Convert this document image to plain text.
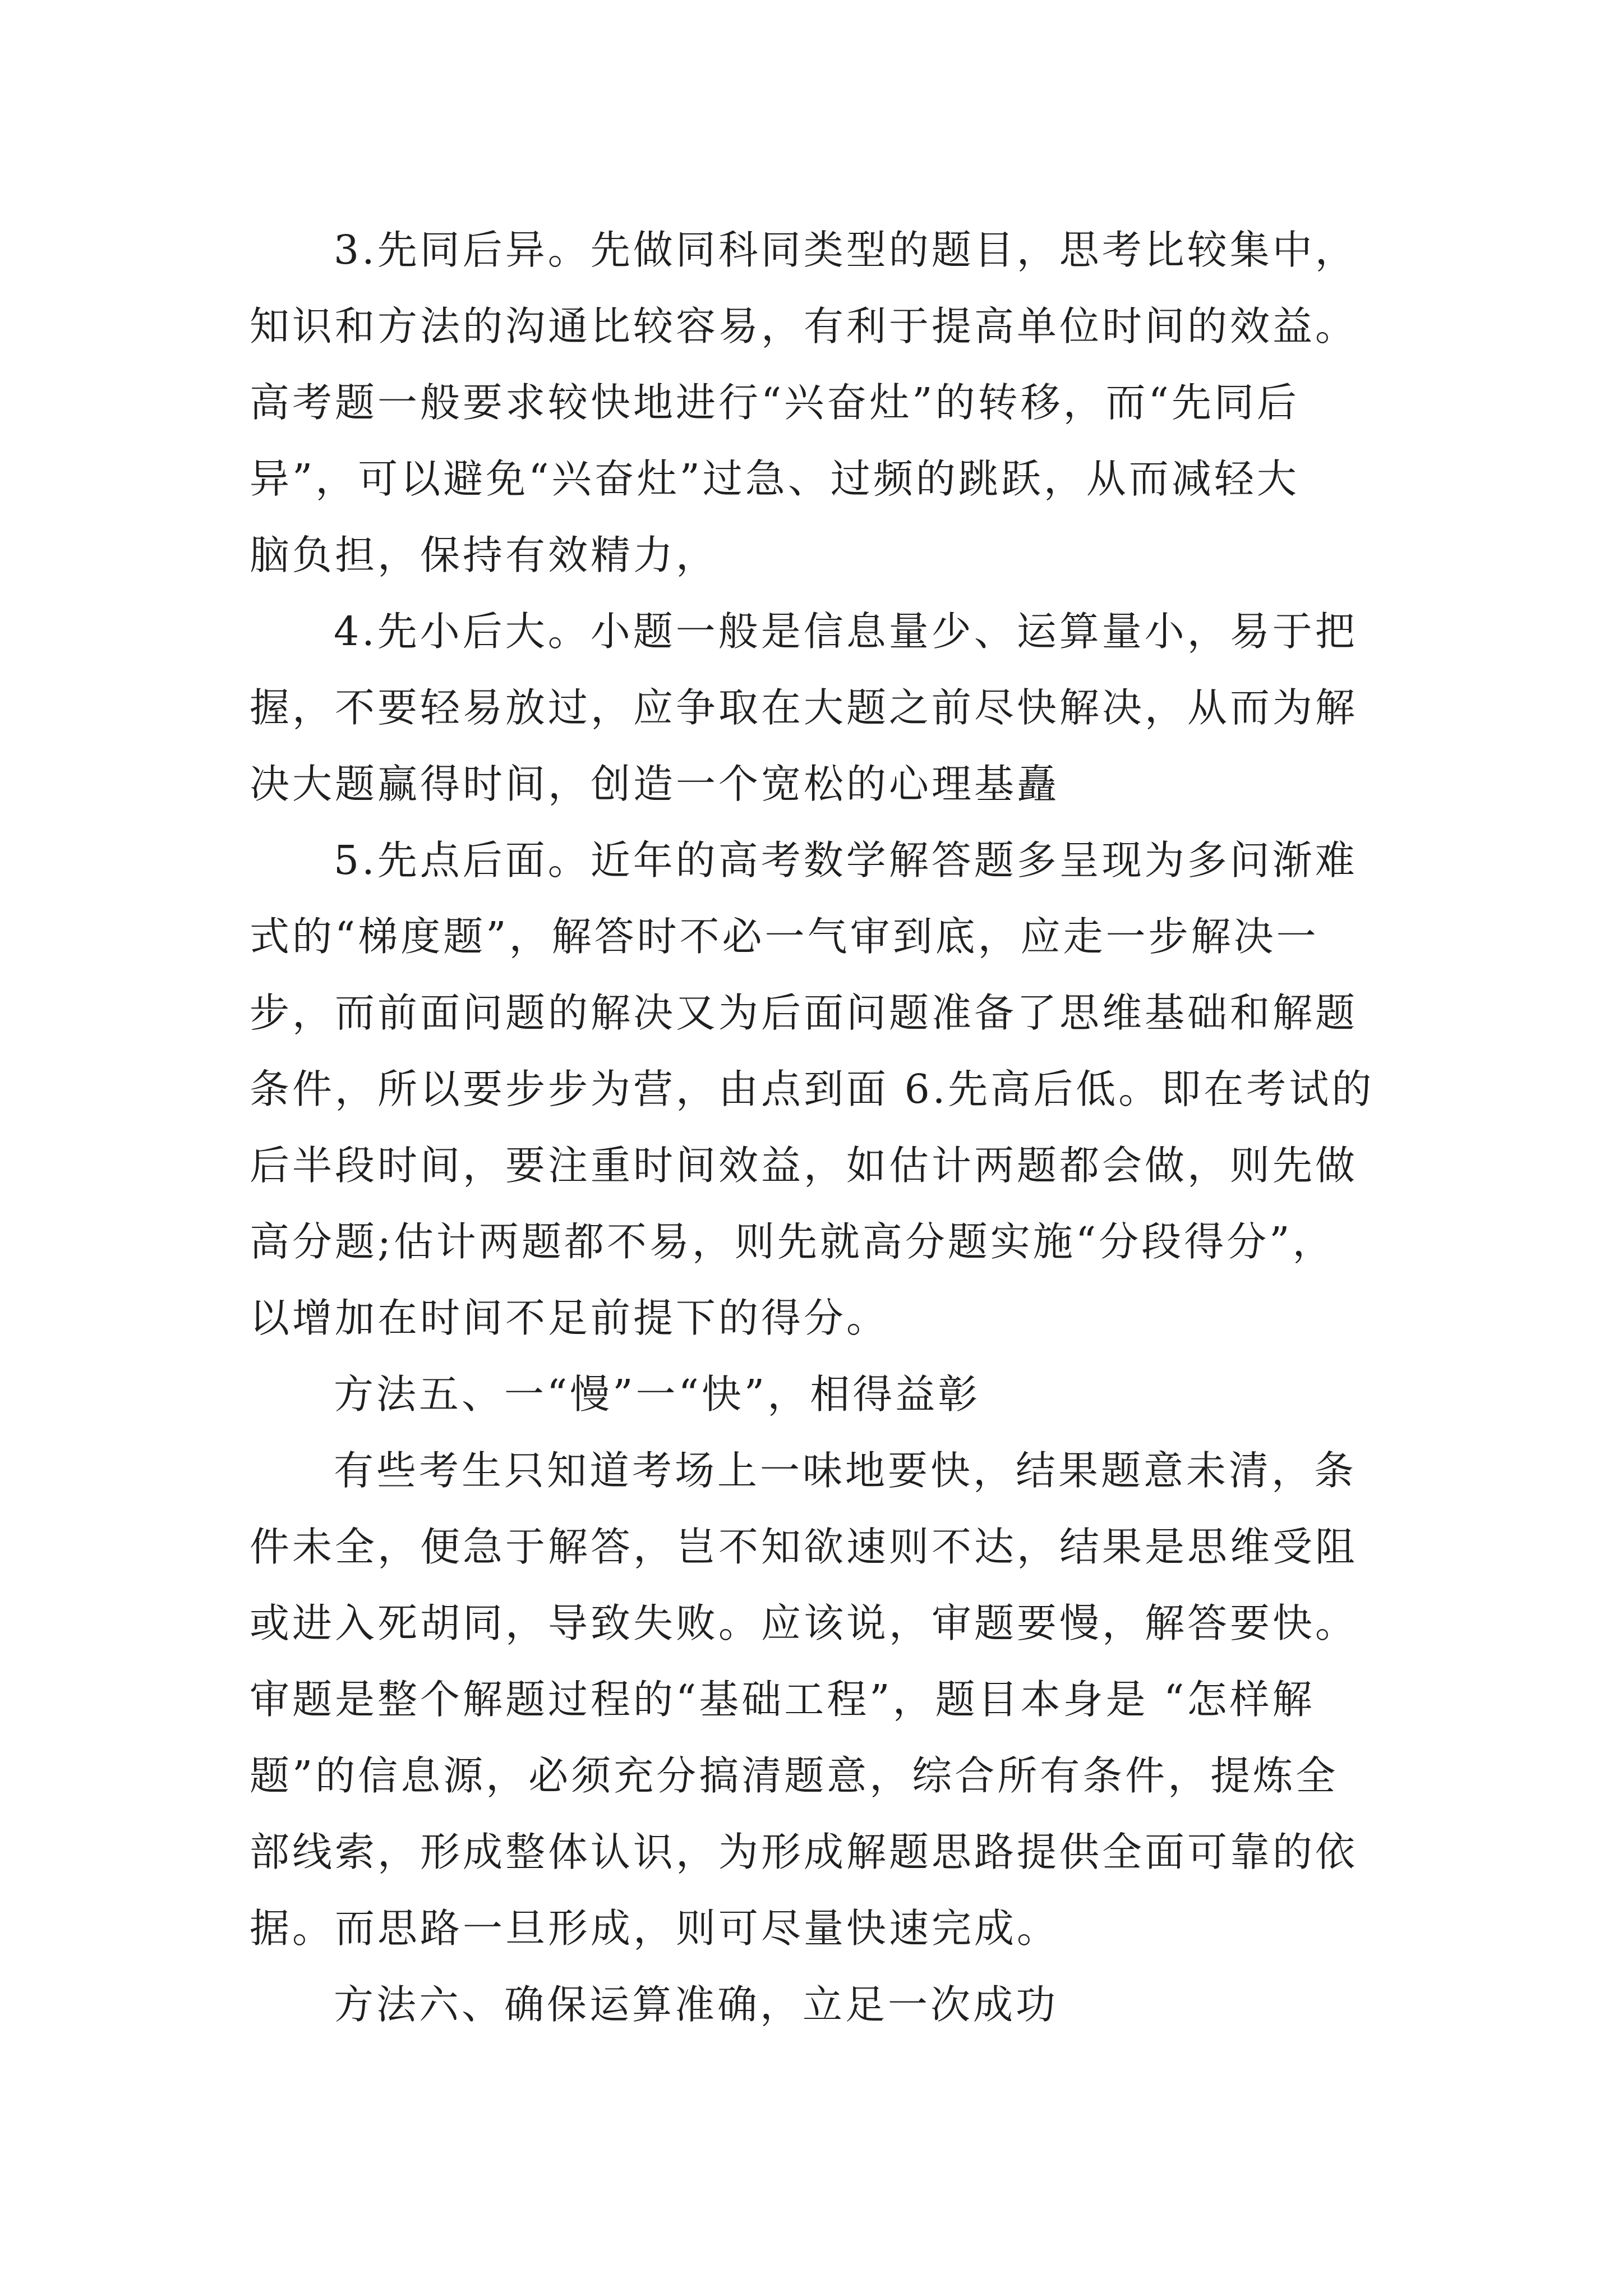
3.先同后异。先做同科同类型的题目，思考比较集中，

知识和方法的沟通比较容易，有利于提高单位时间的效益。

高考题一般要求较快地进行“兴奋灶”的转移，而“先同后

异”，可以避免“兴奋灶”过急、过频的跳跃，从而减轻大

脑负担，保持有效精力，

4.先小后大。小题一般是信息量少、运算量小，易于把

握，不要轻易放过，应争取在大题之前尽快解决，从而为解

决大题赢得时间，创造一个宽松的心理基矗

5.先点后面。近年的高考数学解答题多呈现为多问渐难

式的“梯度题”，解答时不必一气审到底，应走一步解决一

步，而前面问题的解决又为后面问题准备了思维基础和解题

条件，所以要步步为营，由点到面 6.先高后低。即在考试的

后半段时间，要注重时间效益，如估计两题都会做，则先做

高分题;估计两题都不易，则先就高分题实施“分段得分”，

以增加在时间不足前提下的得分。

方法五、一“慢”一“快”，相得益彰

有些考生只知道考场上一味地要快，结果题意未清，条

件未全，便急于解答，岂不知欲速则不达，结果是思维受阻

或进入死胡同，导致失败。应该说，审题要慢，解答要快。

审题是整个解题过程的“基础工程”，题目本身是 “怎样解

题”的信息源，必须充分搞清题意，综合所有条件，提炼全

部线索，形成整体认识，为形成解题思路提供全面可靠的依

据。而思路一旦形成，则可尽量快速完成。

方法六、确保运算准确，立足一次成功
